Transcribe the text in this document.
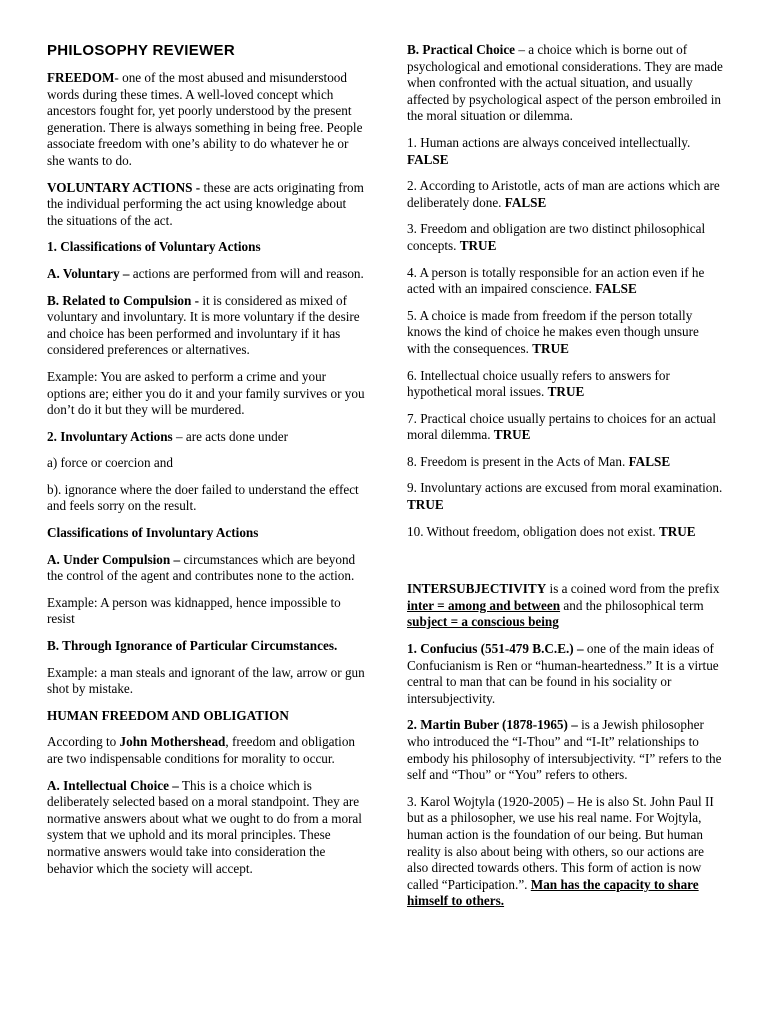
PHILOSOPHY REVIEWER

FREEDOM- one of the most abused and misunderstood words during these times. A well-loved concept which ancestors fought for, yet poorly understood by the present generation. There is always something in being free. People associate freedom with one’s ability to do whatever he or she wants to do.

VOLUNTARY ACTIONS - these are acts originating from the individual performing the act using knowledge about the situations of the act.

1. Classifications of Voluntary Actions

A. Voluntary – actions are performed from will and reason.

B. Related to Compulsion - it is considered as mixed of voluntary and involuntary. It is more voluntary if the desire and choice has been performed and involuntary if it has considered preferences or alternatives.

Example: You are asked to perform a crime and your options are; either you do it and your family survives or you don’t do it but they will be murdered.

2. Involuntary Actions – are acts done under

a) force or coercion and

b). ignorance where the doer failed to understand the effect and feels sorry on the result.

Classifications of Involuntary Actions

A. Under Compulsion – circumstances which are beyond the control of the agent and contributes none to the action.

Example: A person was kidnapped, hence impossible to resist

B. Through Ignorance of Particular Circumstances.

Example: a man steals and ignorant of the law, arrow or gun shot by mistake.

HUMAN FREEDOM AND OBLIGATION

According to John Mothershead, freedom and obligation are two indispensable conditions for morality to occur.

A. Intellectual Choice – This is a choice which is deliberately selected based on a moral standpoint. They are normative answers about what we ought to do from a moral system that we uphold and its moral principles. These normative answers would take into consideration the behavior which the society will accept.

B. Practical Choice – a choice which is borne out of psychological and emotional considerations. They are made when confronted with the actual situation, and usually affected by psychological aspect of the person embroiled in the moral situation or dilemma.

1. Human actions are always conceived intellectually. FALSE

2. According to Aristotle, acts of man are actions which are deliberately done. FALSE

3. Freedom and obligation are two distinct philosophical concepts. TRUE

4. A person is totally responsible for an action even if he acted with an impaired conscience. FALSE

5. A choice is made from freedom if the person totally knows the kind of choice he makes even though unsure with the consequences. TRUE

6. Intellectual choice usually refers to answers for hypothetical moral issues. TRUE

7. Practical choice usually pertains to choices for an actual moral dilemma. TRUE

8. Freedom is present in the Acts of Man. FALSE

9. Involuntary actions are excused from moral examination. TRUE

10. Without freedom, obligation does not exist. TRUE

INTERSUBJECTIVITY is a coined word from the prefix inter = among and between and the philosophical term subject = a conscious being

1. Confucius (551-479 B.C.E.) – one of the main ideas of Confucianism is Ren or “human-heartedness.” It is a virtue central to man that can be found in his sociality or intersubjectivity.

2. Martin Buber (1878-1965) – is a Jewish philosopher who introduced the “I-Thou” and “I-It” relationships to embody his philosophy of intersubjectivity. “I” refers to the self and “Thou” or “You” refers to others.

3. Karol Wojtyla (1920-2005) – He is also St. John Paul II but as a philosopher, we use his real name. For Wojtyla, human action is the foundation of our being. But human reality is also about being with others, so our actions are also directed towards others. This form of action is now called “Participation.”. Man has the capacity to share himself to others.
